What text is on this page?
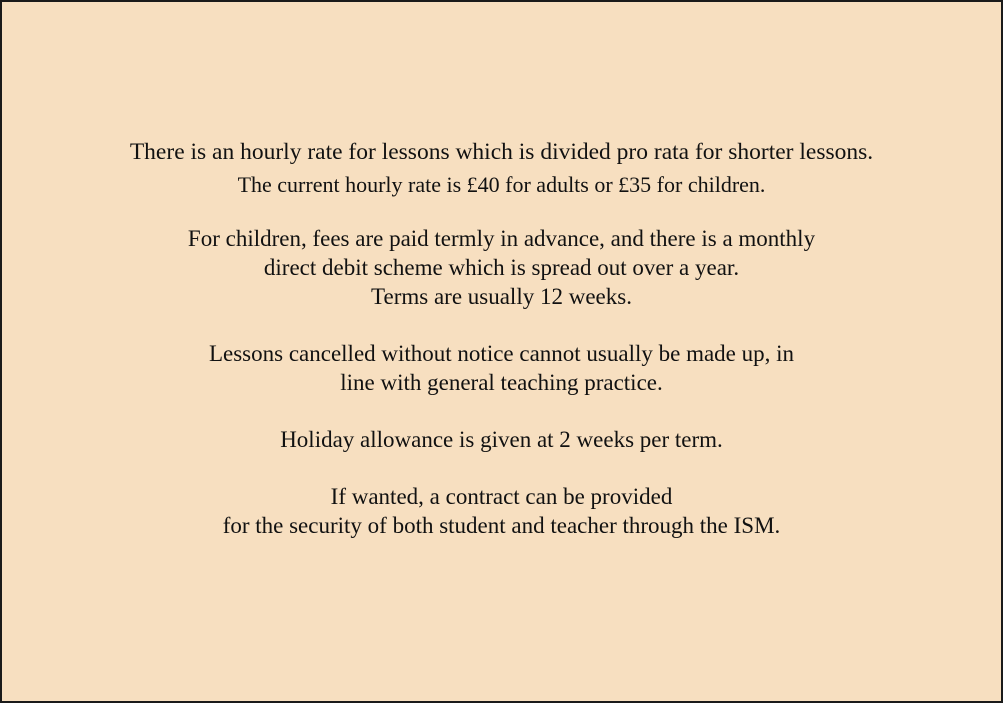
There is an hourly rate for lessons which is divided pro rata for shorter lessons.
The current hourly rate is £40 for adults or £35 for children.

For children, fees are paid termly in advance, and there is a monthly
direct debit scheme which is spread out over a year.
Terms are usually 12 weeks.

Lessons cancelled without notice cannot usually be made up, in
line with general teaching practice.

Holiday allowance is given at 2 weeks per term.

If wanted, a contract can be provided
for the security of both student and teacher through the ISM.
